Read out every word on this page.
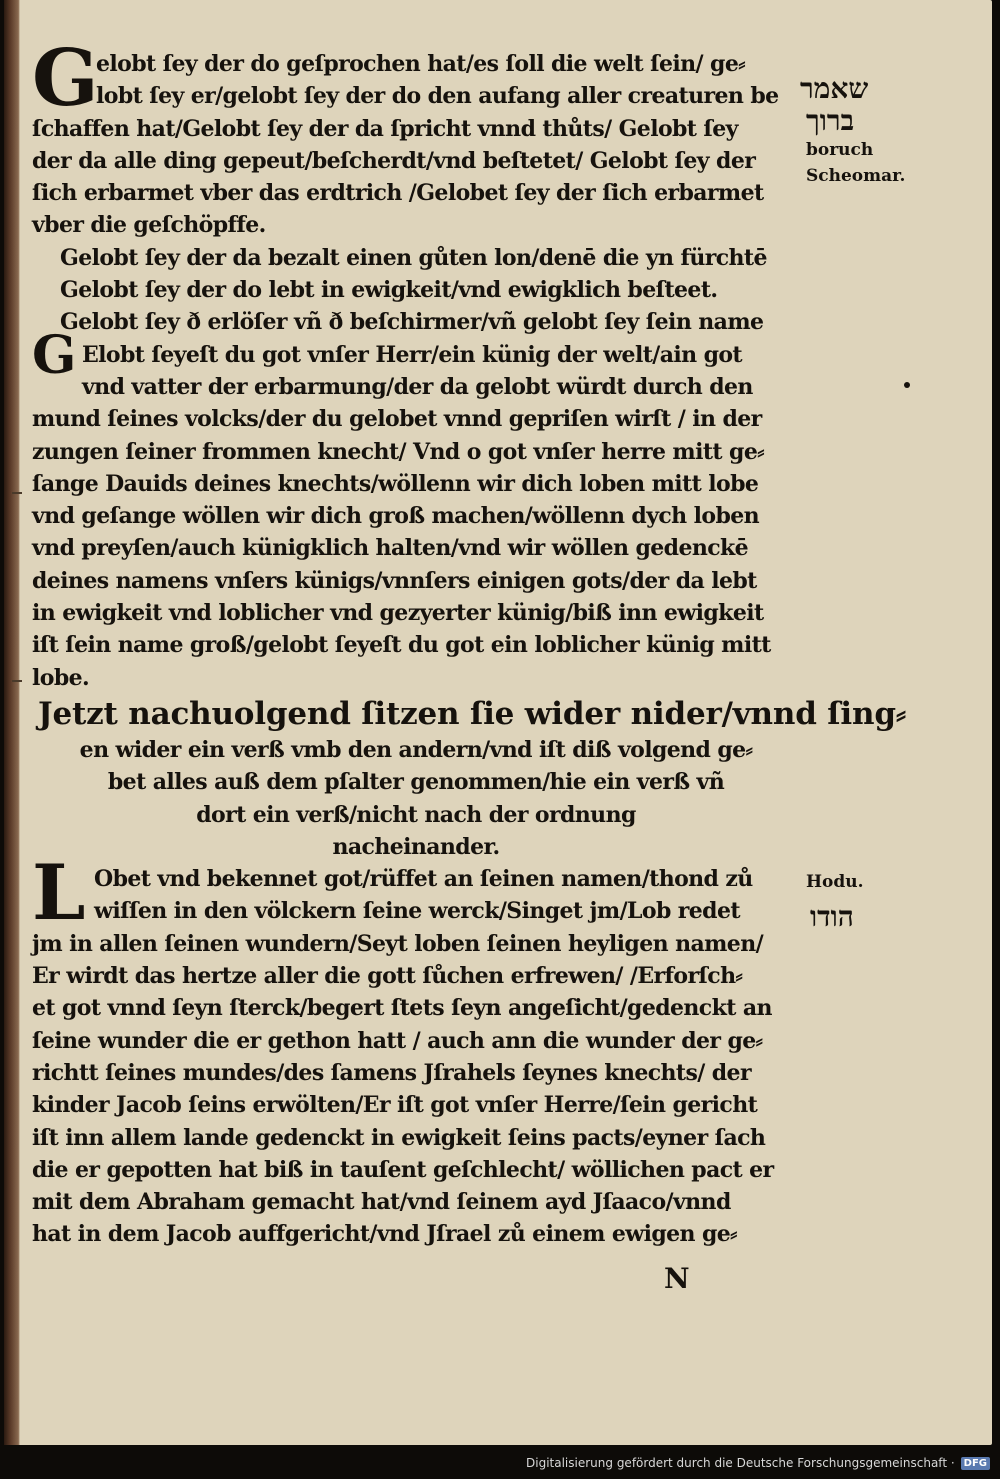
G
elobt ſey der do geſprochen hat/es ſoll die welt ſein/ ge⸗
lobt ſey er/gelobt ſey der do den aufang aller creaturen be
ſchaffen hat/Gelobt ſey der da ſpricht vnnd thůts/ Gelobt ſey
der da alle ding gepeut/beſcherdt/vnd beſtetet/ Gelobt ſey der
ſich erbarmet vber das erdtrich /Gelobet ſey der ſich erbarmet
vber die geſchöpffe.
Gelobt ſey der da bezalt einen gůten lon/denē die yn fürchtē
Gelobt ſey der do lebt in ewigkeit/vnd ewigklich beſteet.
Gelobt ſey ð erlöſer vñ ð beſchirmer/vñ gelobt ſey ſein name
G Elobt ſeyeſt du got vnſer Herr/ein künig der welt/ain got
vnd vatter der erbarmung/der da gelobt würdt durch den
mund ſeines volcks/der du gelobet vnnd gepriſen wirſt / in der
zungen ſeiner frommen knecht/ Vnd o got vnſer herre mitt ge⸗
ſange Dauids deines knechts/wöllenn wir dich loben mitt lobe
vnd geſange wöllen wir dich groß machen/wöllenn dych loben
vnd preyſen/auch künigklich halten/vnd wir wöllen gedenckē
deines namens vnſers künigs/vnnſers einigen gots/der da lebt
in ewigkeit vnd loblicher vnd gezyerter künig/biß inn ewigkeit
iſt ſein name groß/gelobt ſeyeſt du got ein loblicher künig mitt
lobe.
Jetzt nachuolgend ſitzen ſie wider nider/vnnd ſing⸗
en wider ein verß vmb den andern/vnd iſt diß volgend ge⸗
bet alles auß dem pſalter genommen/hie ein verß vñ
dort ein verß/nicht nach der ordnung
nacheinander.
L Obet vnd bekennet got/rüffet an ſeinen namen/thond zů
wiſſen in den völckern ſeine werck/Singet jm/Lob redet
jm in allen ſeinen wundern/Seyt loben ſeinen heyligen namen/
Er wirdt das hertze aller die gott ſůchen erfrewen/ /Erforſch⸗
et got vnnd ſeyn ſterck/begert ſtets ſeyn angeſicht/gedenckt an
ſeine wunder die er gethon hatt / auch ann die wunder der ge⸗
richtt ſeines mundes/des ſamens Jſrahels ſeynes knechts/ der
kinder Jacob ſeins erwölten/Er iſt got vnſer Herre/ſein gericht
iſt inn allem lande gedenckt in ewigkeit ſeins pacts/eyner ſach
die er gepotten hat biß in tauſent geſchlecht/ wöllichen pact er
mit dem Abraham gemacht hat/vnd ſeinem ayd Jſaaco/vnnd
hat in dem Jacob auffgericht/vnd Jſrael zů einem ewigen ge⸗
שאמר
ברוך
boruch
Scheomar.
Hodu.
הודו
N
Digitalisierung gefördert durch die Deutsche Forschungsgemeinschaft · DFG
